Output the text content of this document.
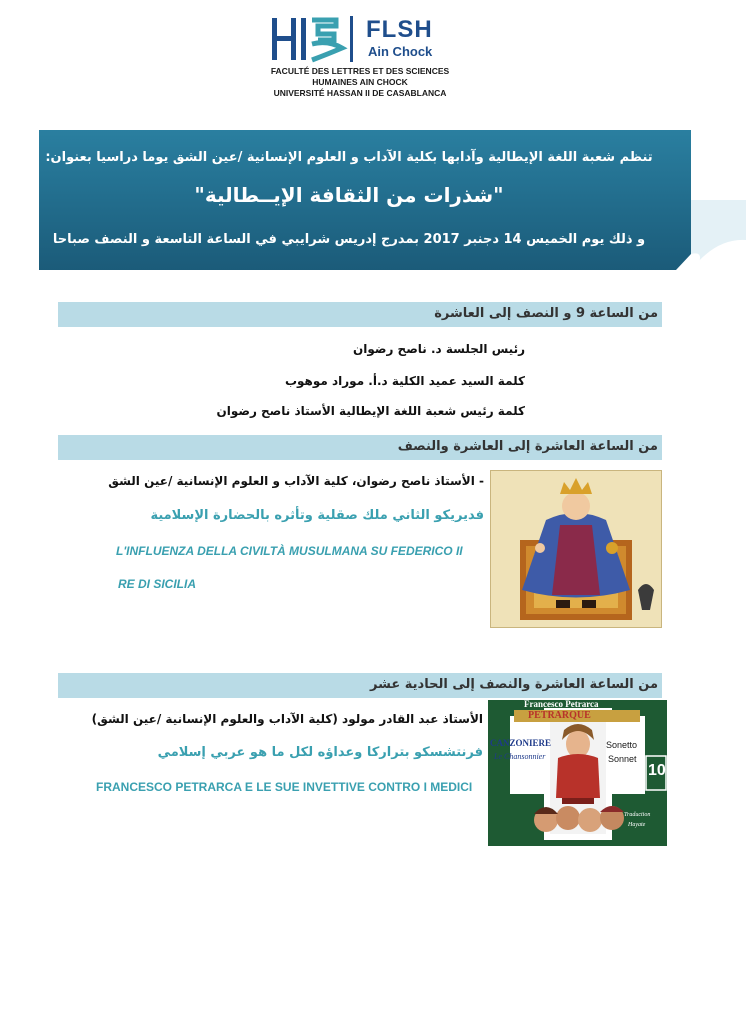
FLSH
Ain Chock
FACULTÉ DES LETTRES ET DES SCIENCES
HUMAINES AIN CHOCK
UNIVERSITÉ HASSAN II DE CASABLANCA
تنظم شعبة اللغة الإيطالية وآدابها بكلية الآداب و العلوم الإنسانية /عين الشق يوما دراسيا بعنوان:
"شذرات من الثقافة الإيــطالية"
و ذلك يوم الخميس 14 دجنبر 2017 بمدرج إدريس شرايبي في الساعة التاسعة و النصف صباحا
من الساعة 9 و النصف إلى العاشرة
رئيس الجلسة د. ناصح رضوان
كلمة السيد عميد الكلية د.أ. موراد موهوب
كلمة رئيس شعبة اللغة الإيطالية الأستاذ ناصح رضوان
من الساعة العاشرة إلى العاشرة والنصف
- الأستاذ ناصح رضوان، كلية الآداب و العلوم الإنسانية /عين الشق
فديريكو الثاني ملك صقلية وتأثره بالحضارة الإسلامية
L'INFLUENZA DELLA CIVILTÀ MUSULMANA SU FEDERICO II
RE DI SICILIA
من الساعة العاشرة والنصف إلى الحادية عشر
الأستاذ عبد القادر مولود (كلية الآداب والعلوم الإنسانية /عين الشق)
فرنتشسكو بتراركا وعداؤه لكل ما هو عربي إسلامي
FRANCESCO PETRARCA E LE SUE INVETTIVE CONTRO I MEDICI
Francesco Petrarca
PETRARQUE
CANZONIERE
Le Chansonnier
Sonetto
Sonnet
10
Traduction
Hayate
